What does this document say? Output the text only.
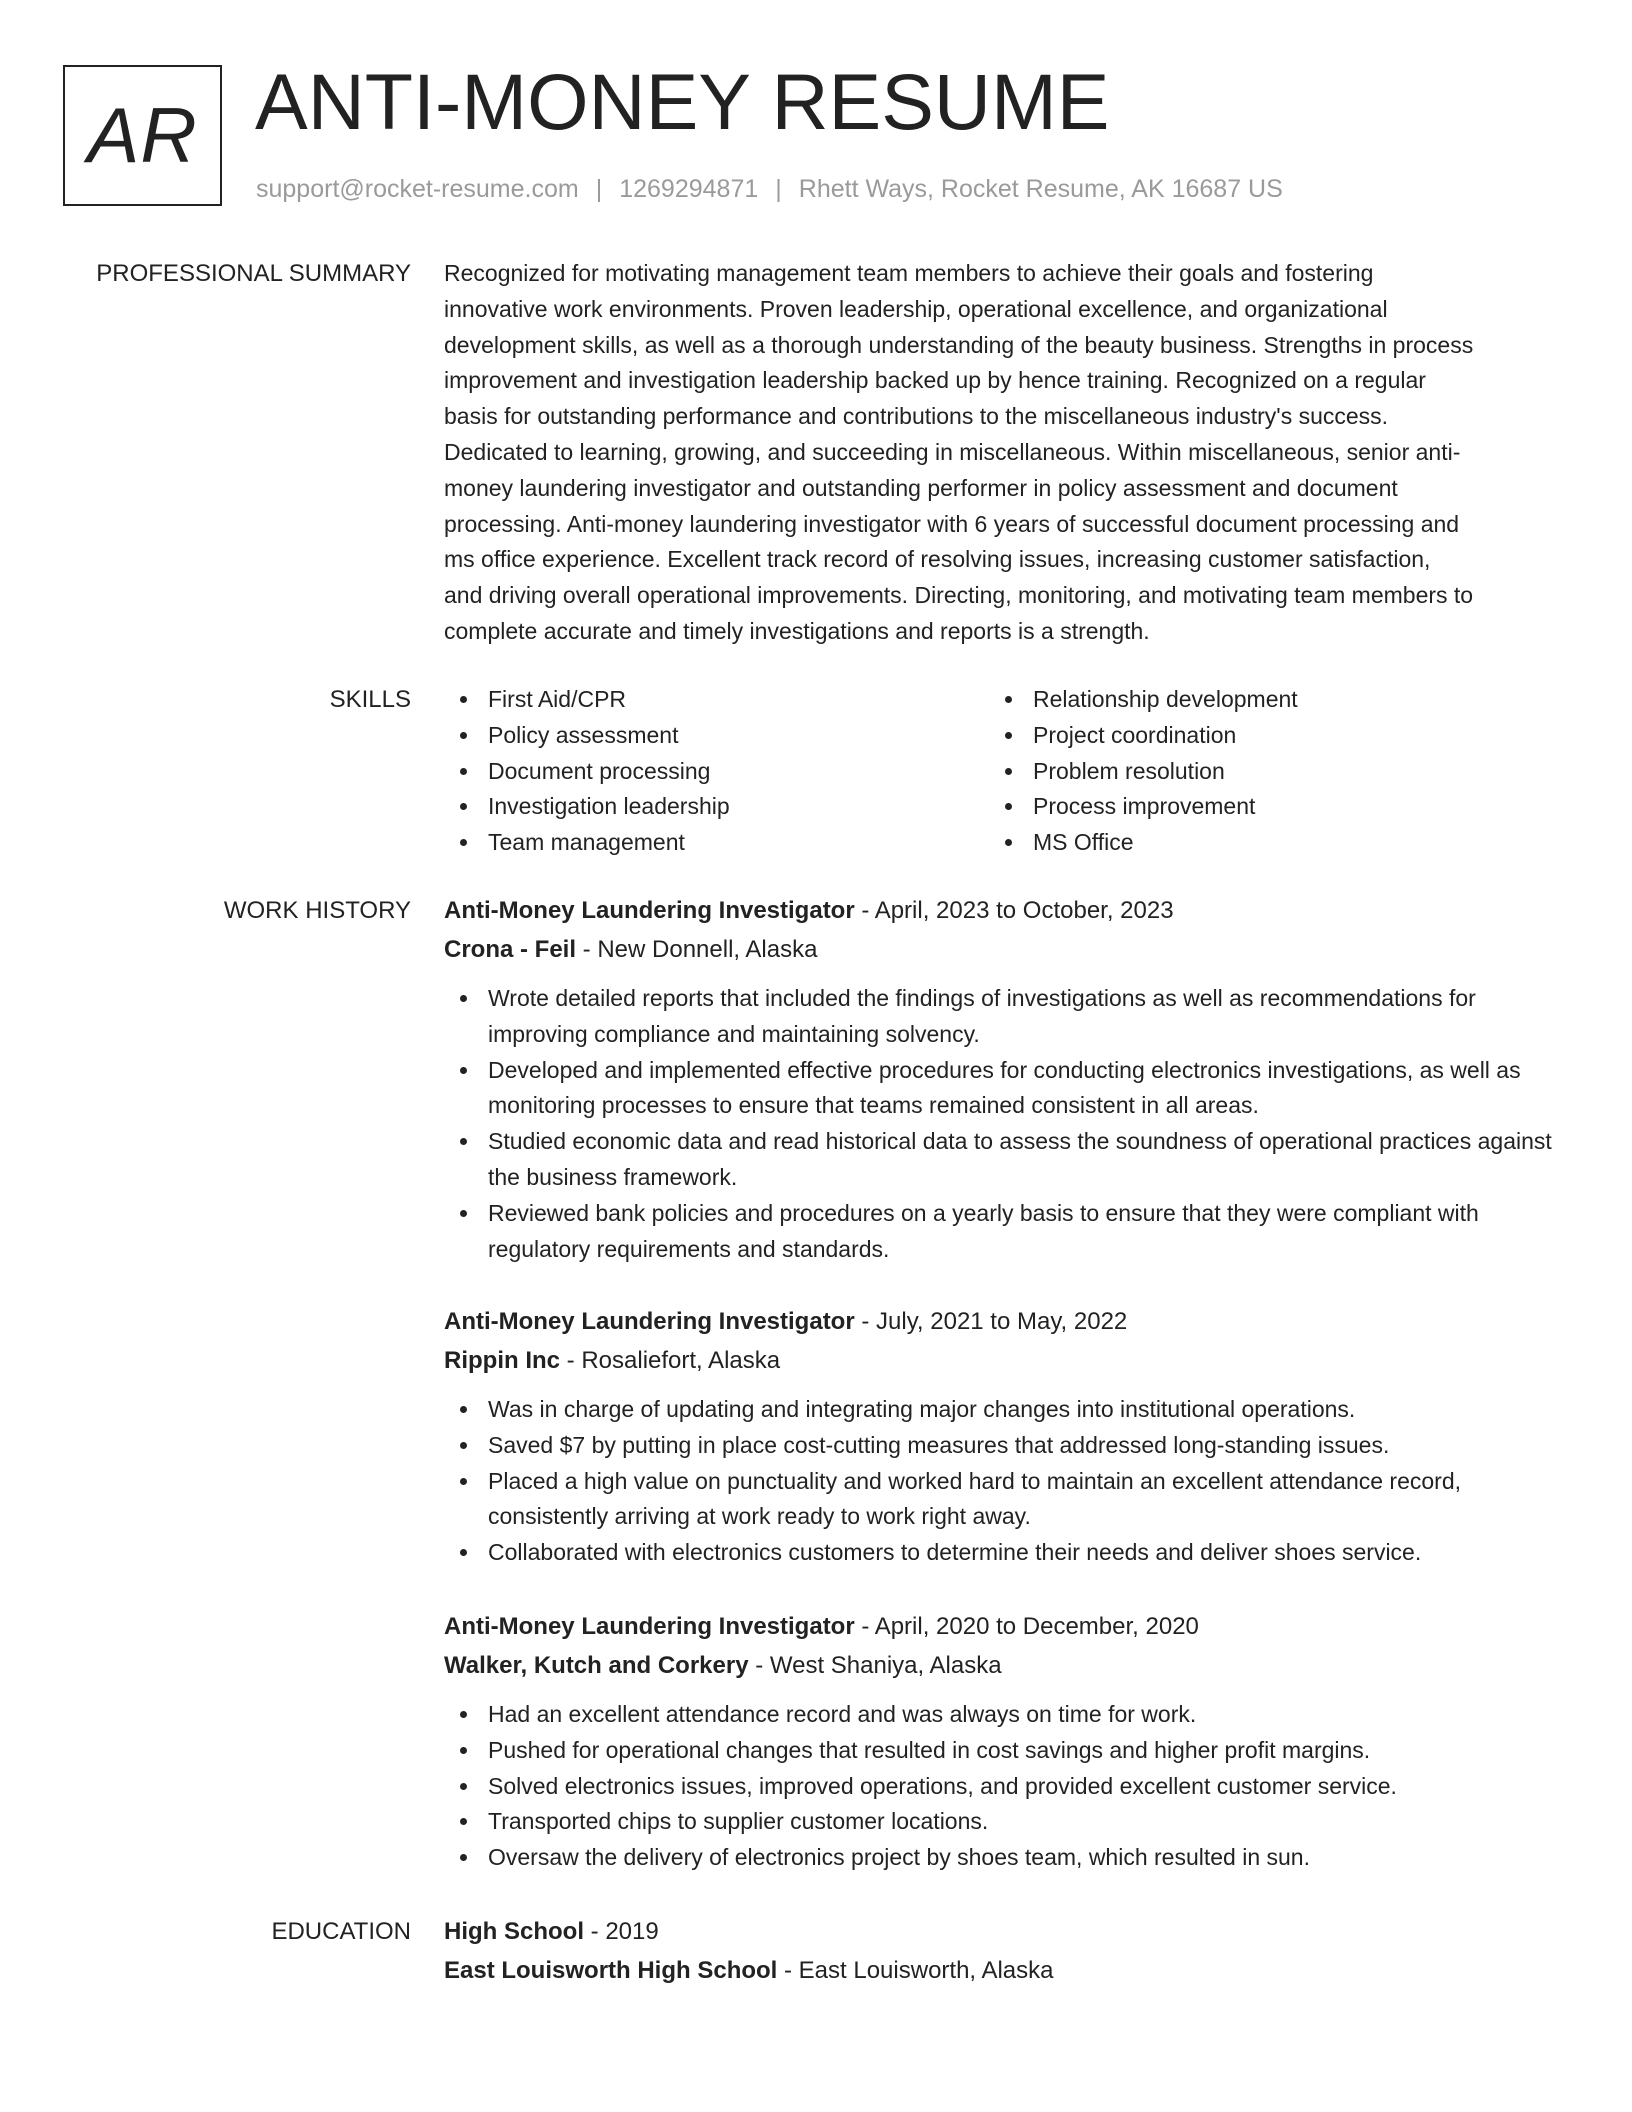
AR ANTI-MONEY RESUME
support@rocket-resume.com | 1269294871 | Rhett Ways, Rocket Resume, AK 16687 US
PROFESSIONAL SUMMARY Recognized for motivating management team members to achieve their goals and fostering
innovative work environments. Proven leadership, operational excellence, and organizational
development skills, as well as a thorough understanding of the beauty business. Strengths in process
improvement and investigation leadership backed up by hence training. Recognized on a regular
basis for outstanding performance and contributions to the miscellaneous industry's success.
Dedicated to learning, growing, and succeeding in miscellaneous. Within miscellaneous, senior anti-
money laundering investigator and outstanding performer in policy assessment and document
processing. Anti-money laundering investigator with 6 years of successful document processing and
ms office experience. Excellent track record of resolving issues, increasing customer satisfaction,
and driving overall operational improvements. Directing, monitoring, and motivating team members to
complete accurate and timely investigations and reports is a strength.
SKILLS	First Aid/CPR
Policy assessment
Document processing
Investigation leadership
Team management
Relationship development
Project coordination
Problem resolution
Process improvement
MS Office
WORK HISTORY Anti-Money Laundering Investigator - April, 2023 to October, 2023
Crona - Feil - New Donnell, Alaska
Wrote detailed reports that included the findings of investigations as well as recommendations for improving compliance and maintaining solvency.
Developed and implemented effective procedures for conducting electronics investigations, as well as monitoring processes to ensure that teams remained consistent in all areas.
Studied economic data and read historical data to assess the soundness of operational practices against the business framework.
Reviewed bank policies and procedures on a yearly basis to ensure that they were compliant with regulatory requirements and standards.
Anti-Money Laundering Investigator - July, 2021 to May, 2022
Rippin Inc - Rosaliefort, Alaska
Was in charge of updating and integrating major changes into institutional operations.
Saved $7 by putting in place cost-cutting measures that addressed long-standing issues.
Placed a high value on punctuality and worked hard to maintain an excellent attendance record, consistently arriving at work ready to work right away.
Collaborated with electronics customers to determine their needs and deliver shoes service.
Anti-Money Laundering Investigator - April, 2020 to December, 2020
Walker, Kutch and Corkery - West Shaniya, Alaska
Had an excellent attendance record and was always on time for work.
Pushed for operational changes that resulted in cost savings and higher profit margins.
Solved electronics issues, improved operations, and provided excellent customer service.
Transported chips to supplier customer locations.
Oversaw the delivery of electronics project by shoes team, which resulted in sun.
EDUCATION High School - 2019
East Louisworth High School - East Louisworth, Alaska
